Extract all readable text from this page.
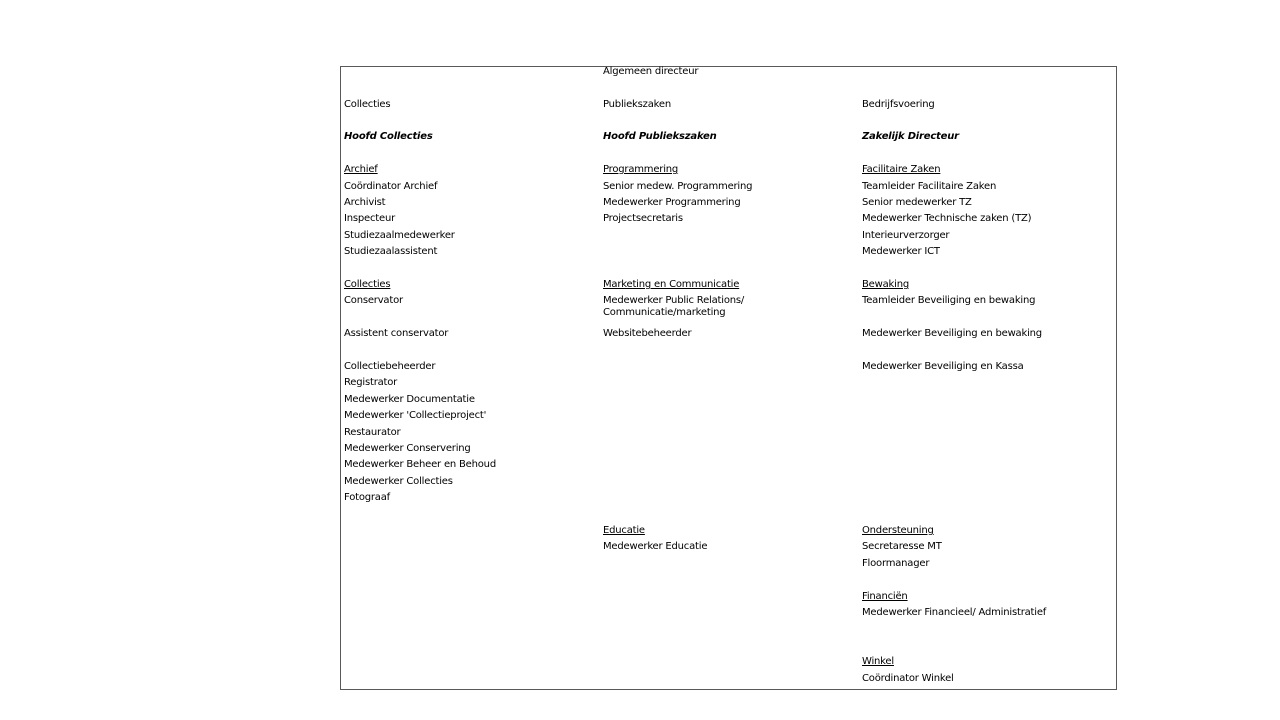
Algemeen directeur
Collecties
Hoofd Collecties
Archief
Coördinator Archief
Archivist
Inspecteur
Studiezaalmedewerker
Studiezaalassistent
Collecties
Conservator
Assistent conservator
Collectiebeheerder
Registrator
Medewerker Documentatie
Medewerker 'Collectieproject'
Restaurator
Medewerker Conservering
Medewerker Beheer en Behoud
Medewerker Collecties
Fotograaf
Publiekszaken
Hoofd Publiekszaken
Programmering
Senior medew. Programmering
Medewerker Programmering
Projectsecretaris
Marketing en Communicatie
Medewerker Public Relations/
Communicatie/marketing
Websitebeheerder
Educatie
Medewerker Educatie
Bedrijfsvoering
Zakelijk Directeur
Facilitaire Zaken
Teamleider Facilitaire Zaken
Senior medewerker TZ
Medewerker Technische zaken (TZ)
Interieurverzorger
Medewerker ICT
Bewaking
Teamleider Beveiliging en bewaking
Medewerker Beveiliging en bewaking
Medewerker Beveiliging en Kassa
Ondersteuning
Secretaresse MT
Floormanager
Financiën
Medewerker Financieel/ Administratief
Winkel
Coördinator Winkel
